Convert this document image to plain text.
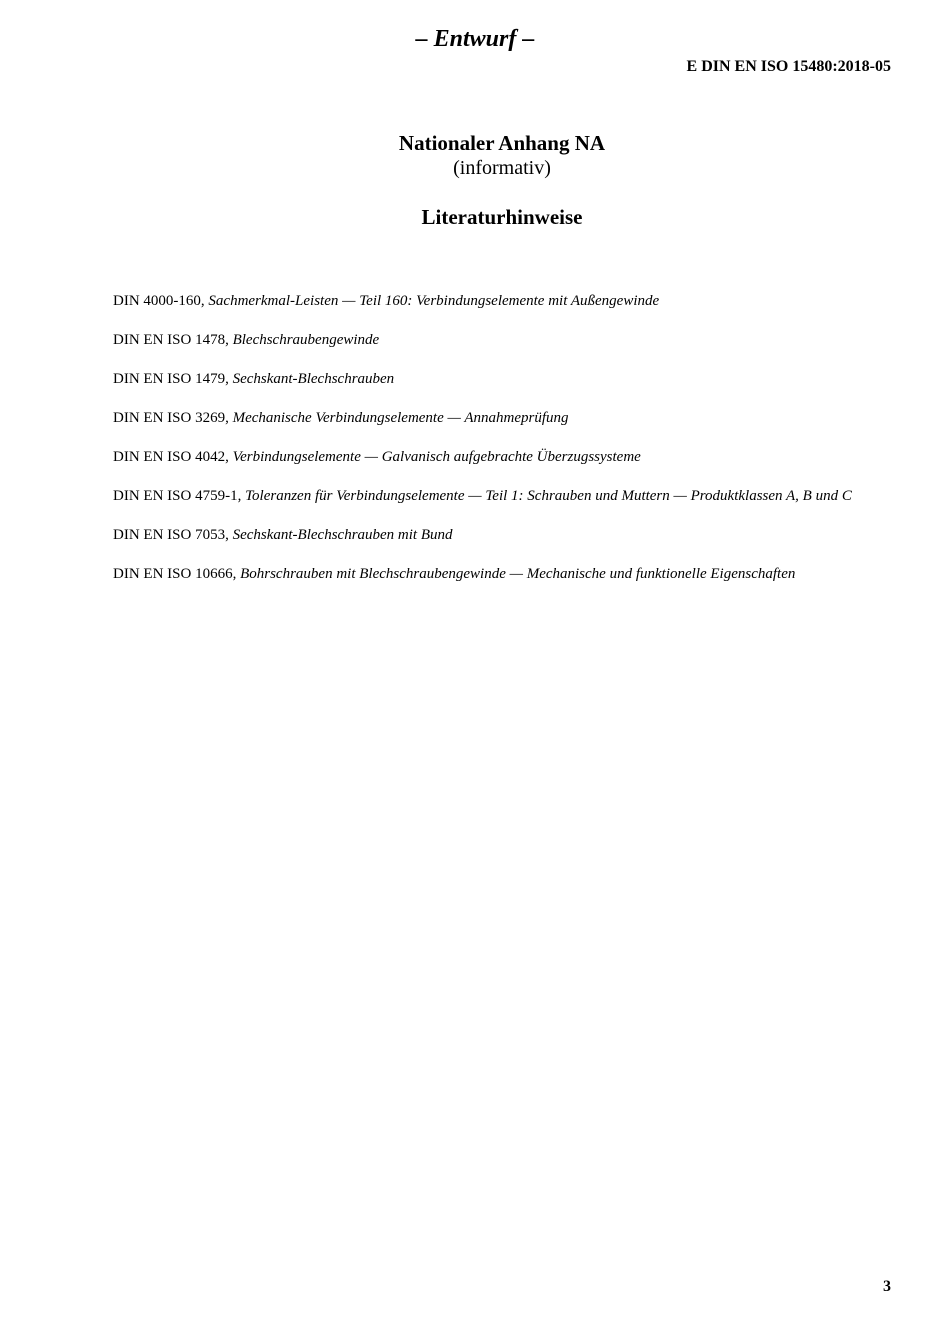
– Entwurf –
E DIN EN ISO 15480:2018-05
Nationaler Anhang NA
(informativ)
Literaturhinweise
DIN 4000-160, Sachmerkmal-Leisten — Teil 160: Verbindungselemente mit Außengewinde
DIN EN ISO 1478, Blechschraubengewinde
DIN EN ISO 1479, Sechskant-Blechschrauben
DIN EN ISO 3269, Mechanische Verbindungselemente — Annahmeprüfung
DIN EN ISO 4042, Verbindungselemente — Galvanisch aufgebrachte Überzugssysteme
DIN EN ISO 4759-1, Toleranzen für Verbindungselemente — Teil 1: Schrauben und Muttern — Produktklassen A, B und C
DIN EN ISO 7053, Sechskant-Blechschrauben mit Bund
DIN EN ISO 10666, Bohrschrauben mit Blechschraubengewinde — Mechanische und funktionelle Eigenschaften
3
